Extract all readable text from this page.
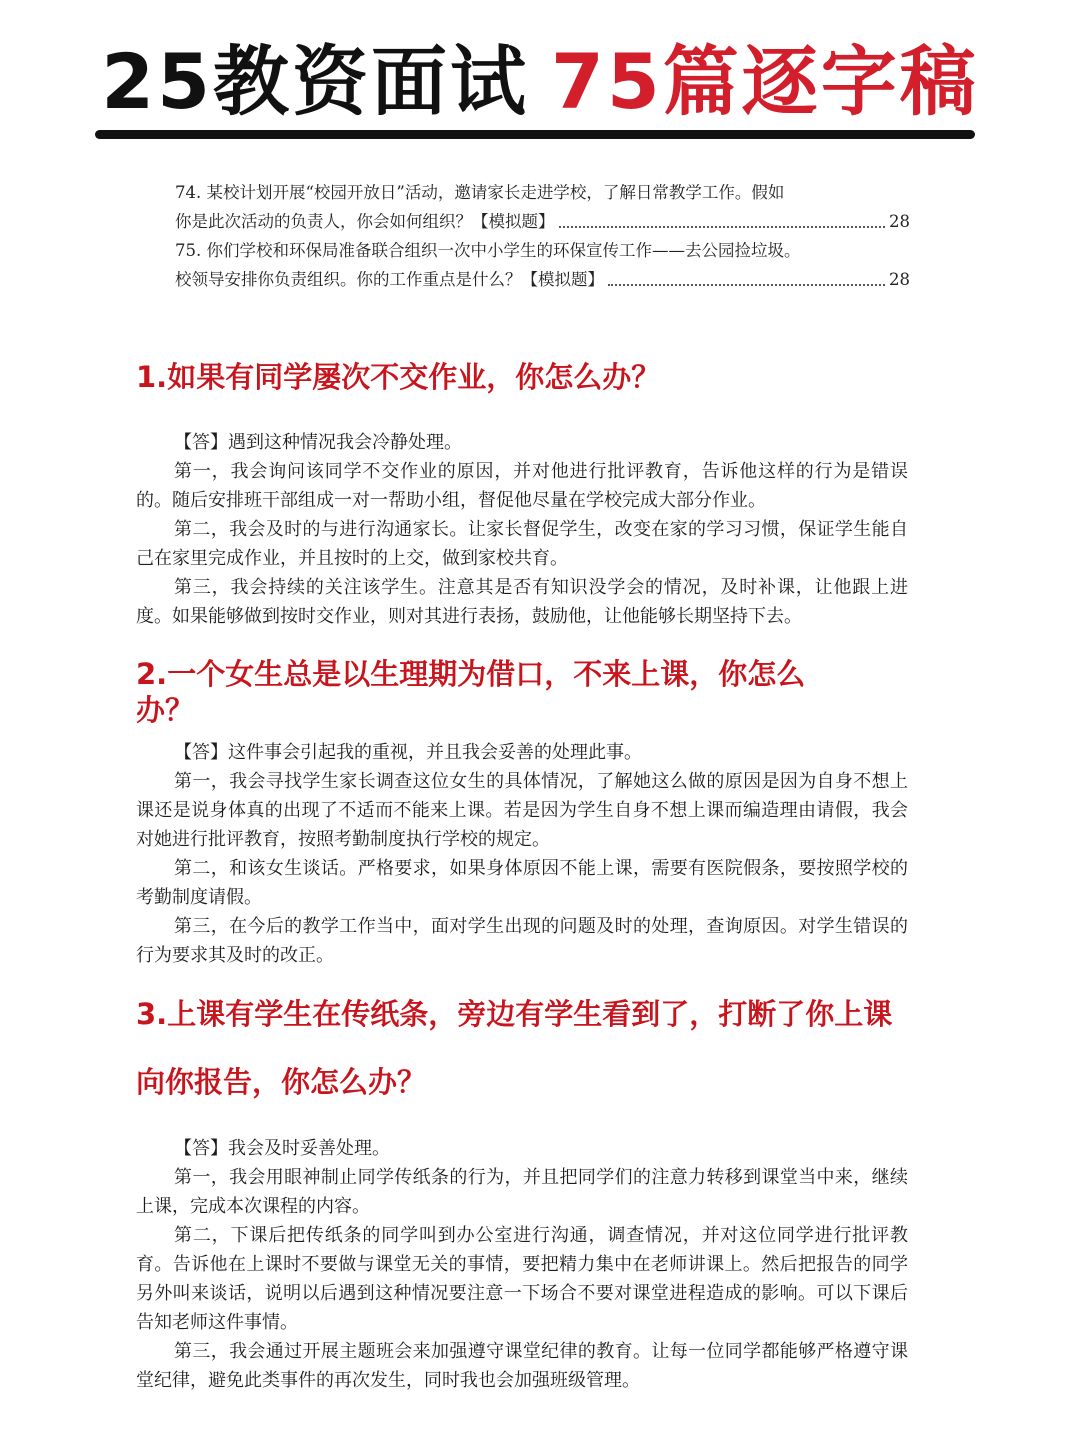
25教资面试 75篇逐字稿
74. 某校计划开展“校园开放日”活动，邀请家长走进学校，了解日常教学工作。假如
你是此次活动的负责人，你会如何组织？【模拟题】	28
75. 你们学校和环保局准备联合组织一次中小学生的环保宣传工作——去公园捡垃圾。
校领导安排你负责组织。你的工作重点是什么？【模拟题】	28
1.如果有同学屡次不交作业，你怎么办？

【答】遇到这种情况我会冷静处理。

第一，我会询问该同学不交作业的原因，并对他进行批评教育，告诉他这样的行为是错误的。随后安排班干部组成一对一帮助小组，督促他尽量在学校完成大部分作业。

第二，我会及时的与进行沟通家长。让家长督促学生，改变在家的学习习惯，保证学生能自己在家里完成作业，并且按时的上交，做到家校共育。

第三，我会持续的关注该学生。注意其是否有知识没学会的情况，及时补课，让他跟上进度。如果能够做到按时交作业，则对其进行表扬，鼓励他，让他能够长期坚持下去。

2.一个女生总是以生理期为借口，不来上课，你怎么
办？

【答】这件事会引起我的重视，并且我会妥善的处理此事。

第一，我会寻找学生家长调查这位女生的具体情况，了解她这么做的原因是因为自身不想上课还是说身体真的出现了不适而不能来上课。若是因为学生自身不想上课而编造理由请假，我会对她进行批评教育，按照考勤制度执行学校的规定。

第二，和该女生谈话。严格要求，如果身体原因不能上课，需要有医院假条，要按照学校的考勤制度请假。

第三，在今后的教学工作当中，面对学生出现的问题及时的处理，查询原因。对学生错误的行为要求其及时的改正。

3.上课有学生在传纸条，旁边有学生看到了，打断了你上课
向你报告，你怎么办？

【答】我会及时妥善处理。

第一，我会用眼神制止同学传纸条的行为，并且把同学们的注意力转移到课堂当中来，继续上课，完成本次课程的内容。

第二，下课后把传纸条的同学叫到办公室进行沟通，调查情况，并对这位同学进行批评教育。告诉他在上课时不要做与课堂无关的事情，要把精力集中在老师讲课上。然后把报告的同学另外叫来谈话，说明以后遇到这种情况要注意一下场合不要对课堂进程造成的影响。可以下课后告知老师这件事情。

第三，我会通过开展主题班会来加强遵守课堂纪律的教育。让每一位同学都能够严格遵守课堂纪律，避免此类事件的再次发生，同时我也会加强班级管理。
